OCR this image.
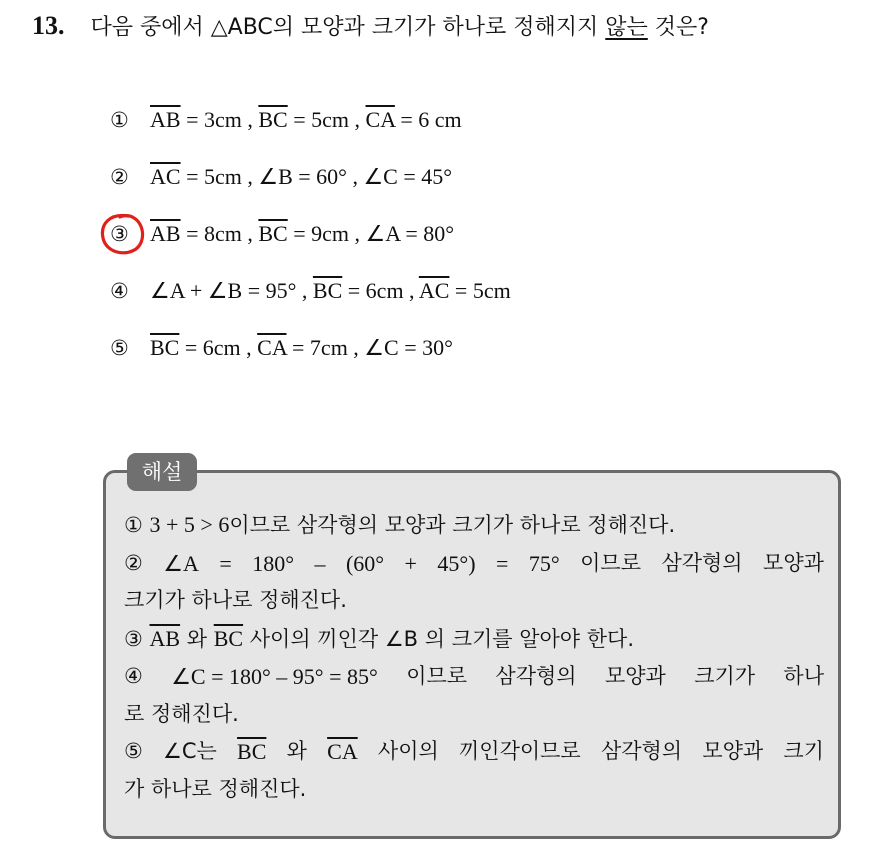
13. 다음 중에서 △ABC의 모양과 크기가 하나로 정해지지 않는 것은?
① $\overline{AB} = 3cm$ , $\overline{BC} = 5cm$ , $\overline{CA} = 6$ cm
② $\overline{AC} = 5cm$ , ∠B = 60° , ∠C = 45°
③ $\overline{AB} = 8cm$ , $\overline{BC} = 9cm$ , ∠A = 80°
④ ∠A + ∠B = 95° , $\overline{BC} = 6cm$ , $\overline{AC} = 5cm$
⑤ $\overline{BC} = 6cm$ , $\overline{CA} = 7cm$ , ∠C = 30°
해설
① 3 + 5 > 6이므로 삼각형의 모양과 크기가 하나로 정해진다.
② ∠A = 180° – (60° + 45°) = 75° 이므로 삼각형의 모양과
크기가 하나로 정해진다.
③ $\overline{AB}$ 와 $\overline{BC}$ 사이의 끼인각 ∠B 의 크기를 알아야 한다.
④ ∠C = 180° – 95° = 85° 이므로 삼각형의 모양과 크기가 하나
로 정해진다.
⑤ ∠C는 $\overline{BC}$ 와 $\overline{CA}$ 사이의 끼인각이므로 삼각형의 모양과 크기
가 하나로 정해진다.
